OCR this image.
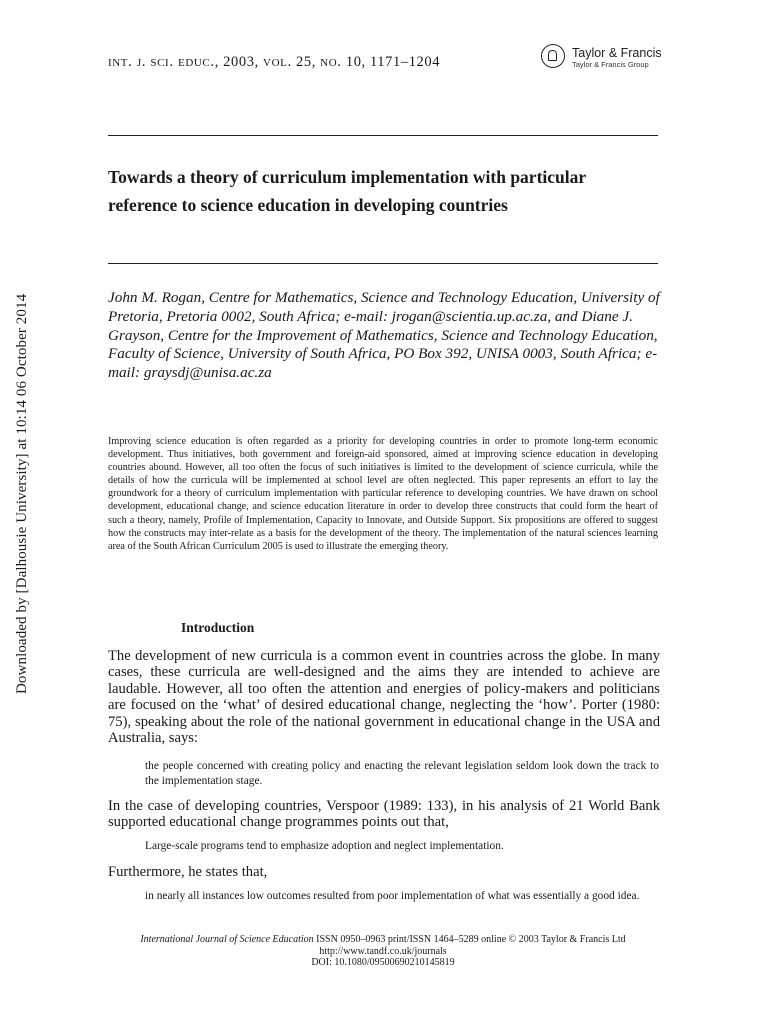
Downloaded by [Dalhousie University] at 10:14 06 October 2014
int. j. sci. educ., 2003, vol. 25, no. 10, 1171–1204
Taylor & Francis
Taylor & Francis Group
Towards a theory of curriculum implementation with particular reference to science education in developing countries

John M. Rogan, Centre for Mathematics, Science and Technology Education, University of Pretoria, Pretoria 0002, South Africa; e-mail: jrogan@scientia.up.ac.za, and Diane J. Grayson, Centre for the Improvement of Mathematics, Science and Technology Education, Faculty of Science, University of South Africa, PO Box 392, UNISA 0003, South Africa; e-mail: graysdj@unisa.ac.za

Improving science education is often regarded as a priority for developing countries in order to promote long-term economic development. Thus initiatives, both government and foreign-aid sponsored, aimed at improving science education in developing countries abound. However, all too often the focus of such initiatives is limited to the development of science curricula, while the details of how the curricula will be implemented at school level are often neglected. This paper represents an effort to lay the groundwork for a theory of curriculum implementation with particular reference to developing countries. We have drawn on school development, educational change, and science education literature in order to develop three constructs that could form the heart of such a theory, namely, Profile of Implementation, Capacity to Innovate, and Outside Support. Six propositions are offered to suggest how the constructs may inter-relate as a basis for the development of the theory. The implementation of the natural sciences learning area of the South African Curriculum 2005 is used to illustrate the emerging theory.

Introduction

The development of new curricula is a common event in countries across the globe. In many cases, these curricula are well-designed and the aims they are intended to achieve are laudable. However, all too often the attention and energies of policy-makers and politicians are focused on the ‘what’ of desired educational change, neglecting the ‘how’. Porter (1980: 75), speaking about the role of the national government in educational change in the USA and Australia, says:

the people concerned with creating policy and enacting the relevant legislation seldom look down the track to the implementation stage.

In the case of developing countries, Verspoor (1989: 133), in his analysis of 21 World Bank supported educational change programmes points out that,

Large-scale programs tend to emphasize adoption and neglect implementation.

Furthermore, he states that,

in nearly all instances low outcomes resulted from poor implementation of what was essentially a good idea.

International Journal of Science Education ISSN 0950–0963 print/ISSN 1464–5289 online © 2003 Taylor & Francis Ltd
http://www.tandf.co.uk/journals
DOI: 10.1080/09500690210145819
